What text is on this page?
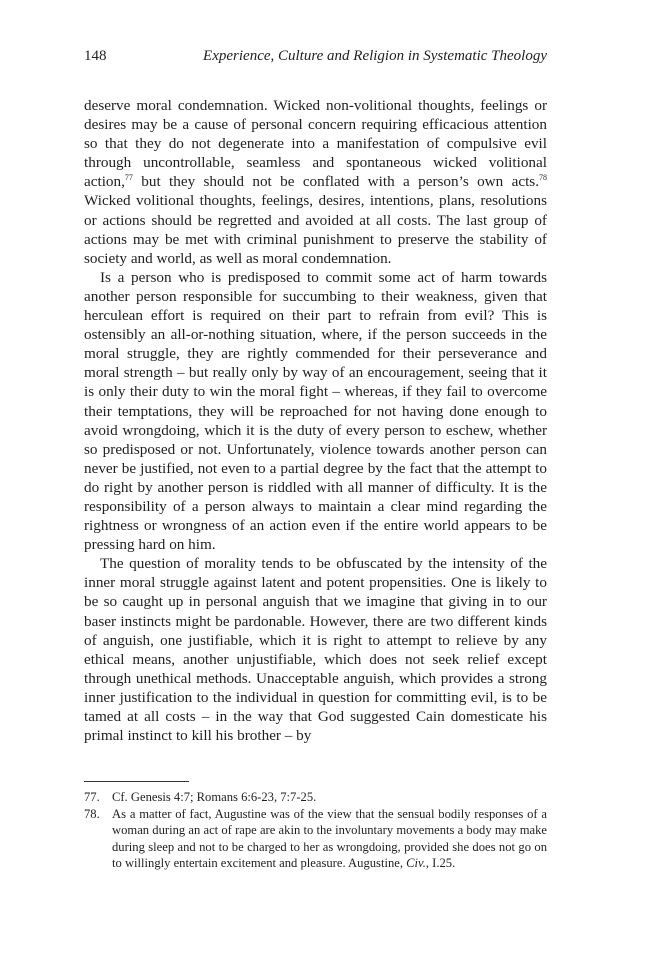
148	Experience, Culture and Religion in Systematic Theology

deserve moral condemnation. Wicked non-volitional thoughts, feelings or desires may be a cause of personal concern requiring efficacious attention so that they do not degenerate into a manifestation of compulsive evil through uncontrollable, seamless and spontaneous wicked volitional action,$^{77}$ but they should not be conflated with a person’s own acts.$^{78}$ Wicked volitional thoughts, feelings, desires, intentions, plans, resolutions or actions should be regretted and avoided at all costs. The last group of actions may be met with criminal punishment to preserve the stability of society and world, as well as moral condemnation.

Is a person who is predisposed to commit some act of harm towards another person responsible for succumbing to their weakness, given that herculean effort is required on their part to refrain from evil? This is ostensibly an all-or-nothing situation, where, if the person succeeds in the moral struggle, they are rightly commended for their perseverance and moral strength – but really only by way of an encouragement, seeing that it is only their duty to win the moral fight – whereas, if they fail to overcome their temptations, they will be reproached for not having done enough to avoid wrongdoing, which it is the duty of every person to eschew, whether so predisposed or not. Unfortunately, violence towards another person can never be justified, not even to a partial degree by the fact that the attempt to do right by another person is riddled with all manner of difficulty. It is the responsibility of a person always to maintain a clear mind regarding the rightness or wrongness of an action even if the entire world appears to be pressing hard on him.

The question of morality tends to be obfuscated by the intensity of the inner moral struggle against latent and potent propensities. One is likely to be so caught up in personal anguish that we imagine that giving in to our baser instincts might be pardonable. However, there are two different kinds of anguish, one justifiable, which it is right to attempt to relieve by any ethical means, another unjustifiable, which does not seek relief except through unethical methods. Unacceptable anguish, which provides a strong inner justification to the individual in question for committing evil, is to be tamed at all costs – in the way that God suggested Cain domesticate his primal instinct to kill his brother – by

77. Cf. Genesis 4:7; Romans 6:6-23, 7:7-25.

78. As a matter of fact, Augustine was of the view that the sensual bodily responses of a woman during an act of rape are akin to the involuntary movements a body may make during sleep and not to be charged to her as wrongdoing, provided she does not go on to willingly entertain excitement and pleasure. Augustine, Civ., I.25.
